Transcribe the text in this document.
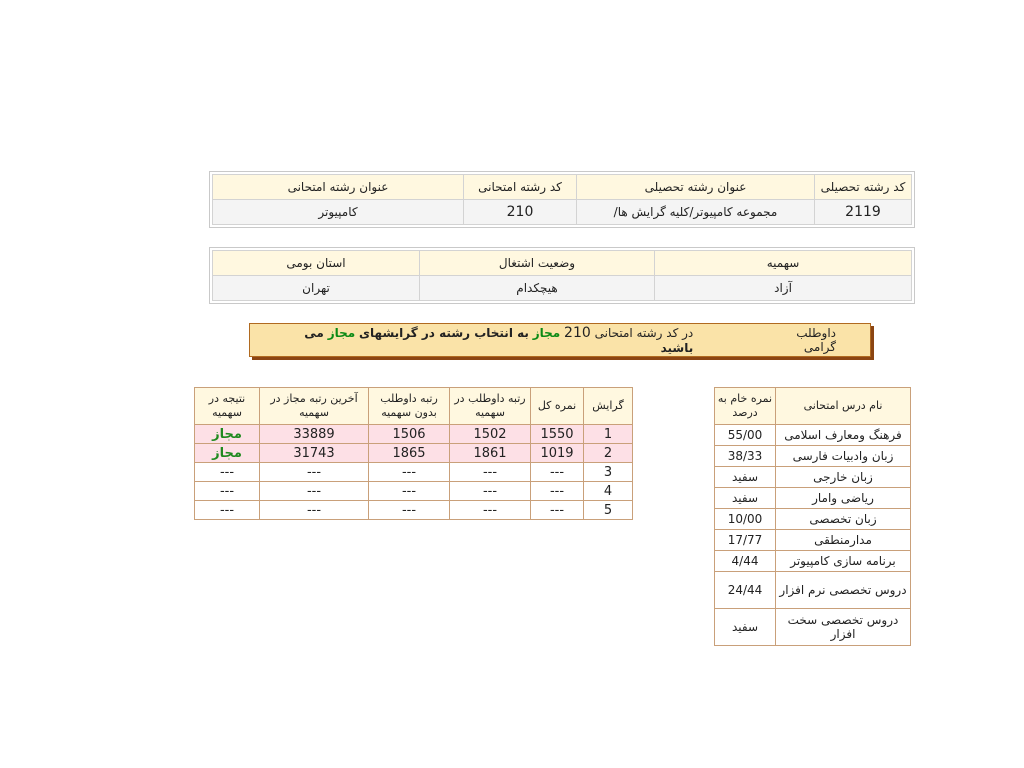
کد رشته تحصیلی	عنوان رشته تحصیلی	کد رشته امتحانی	عنوان رشته امتحانی
2119	مجموعه کامپیوتر/کلیه گرایش ها/	210	کامپیوتر
سهمیه	وضعیت اشتغال	استان بومی
آزاد	هیچکدام	تهران
داوطلب گرامی
در کد رشته امتحانی 210 مجاز به انتخاب رشته در گرایشهای مجاز می باشید
گرایش	نمره کل	رتبه داوطلب در سهمیه	رتبه داوطلب بدون سهمیه	آخرین رتبه مجاز در سهمیه	نتیجه در سهمیه
1	1550	1502	1506	33889	مجاز
2	1019	1861	1865	31743	مجاز
3	---	---	---	---	---
4	---	---	---	---	---
5	---	---	---	---	---
نام درس امتحانی	نمره خام به درصد
فرهنگ ومعارف اسلامی	55/00
زبان وادبیات فارسی	38/33
زبان خارجی	سفید
ریاضی وامار	سفید
زبان تخصصی	10/00
مدارمنطقی	17/77
برنامه سازی کامپیوتر	4/44
دروس تخصصی نرم افزار	24/44
دروس تخصصی سخت افزار	سفید
